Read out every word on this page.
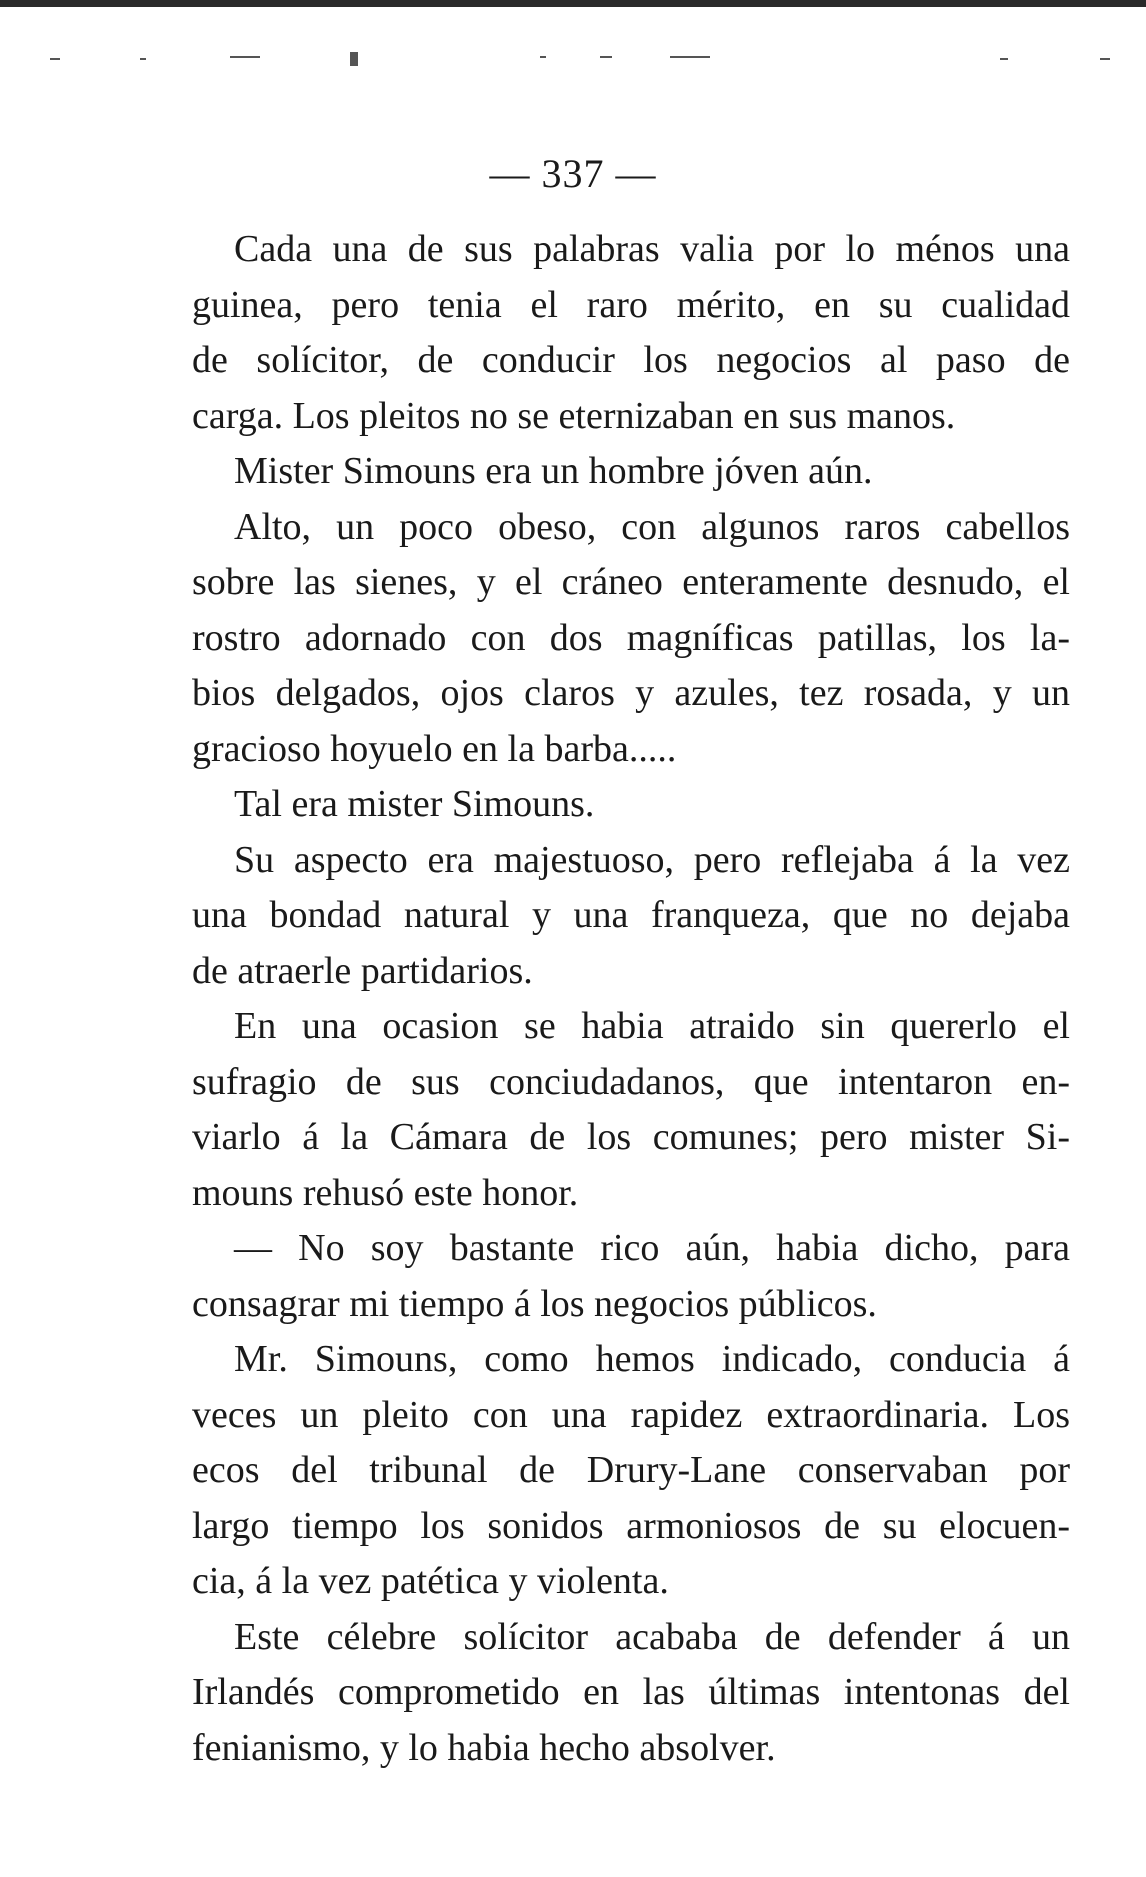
— 337 —

Cada una de sus palabras valia por lo ménos una
guinea, pero tenia el raro mérito, en su cualidad
de solícitor, de conducir los negocios al paso de
carga. Los pleitos no se eternizaban en sus manos.

Mister Simouns era un hombre jóven aún.

Alto, un poco obeso, con algunos raros cabellos
sobre las sienes, y el cráneo enteramente desnudo, el
rostro adornado con dos magníficas patillas, los la-
bios delgados, ojos claros y azules, tez rosada, y un
gracioso hoyuelo en la barba.....

Tal era mister Simouns.

Su aspecto era majestuoso, pero reflejaba á la vez
una bondad natural y una franqueza, que no dejaba
de atraerle partidarios.

En una ocasion se habia atraido sin quererlo el
sufragio de sus conciudadanos, que intentaron en-
viarlo á la Cámara de los comunes; pero mister Si-
mouns rehusó este honor.

— No soy bastante rico aún, habia dicho, para
consagrar mi tiempo á los negocios públicos.

Mr. Simouns, como hemos indicado, conducia á
veces un pleito con una rapidez extraordinaria. Los
ecos del tribunal de Drury-Lane conservaban por
largo tiempo los sonidos armoniosos de su elocuen-
cia, á la vez patética y violenta.

Este célebre solícitor acababa de defender á un
Irlandés comprometido en las últimas intentonas del
fenianismo, y lo habia hecho absolver.
